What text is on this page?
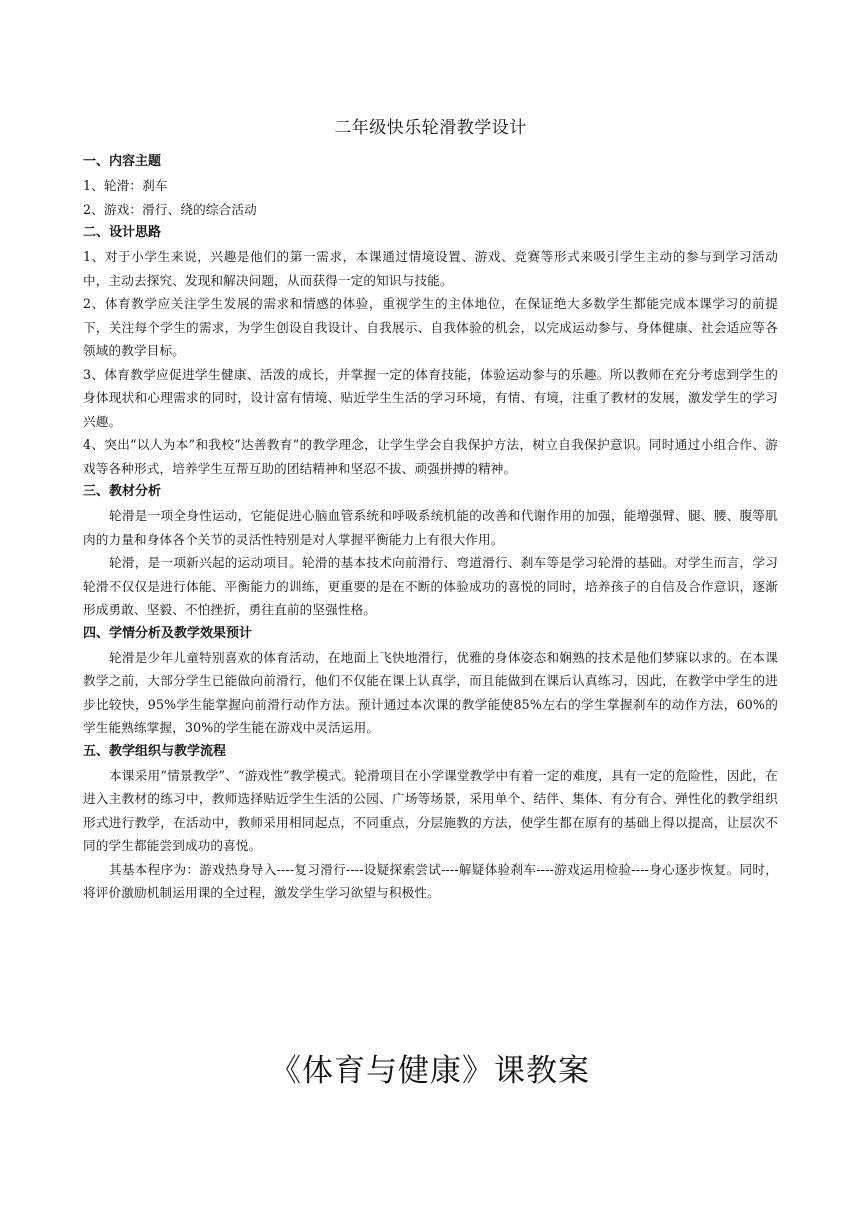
二年级快乐轮滑教学设计
一、内容主题

1、轮滑：刹车

2、游戏：滑行、绕的综合活动

二、设计思路

1、对于小学生来说，兴趣是他们的第一需求，本课通过情境设置、游戏、竞赛等形式来吸引学生主动的参与到学习活动中，主动去探究、发现和解决问题，从而获得一定的知识与技能。

2、体育教学应关注学生发展的需求和情感的体验，重视学生的主体地位，在保证绝大多数学生都能完成本课学习的前提下，关注每个学生的需求，为学生创设自我设计、自我展示、自我体验的机会，以完成运动参与、身体健康、社会适应等各领域的教学目标。

3、体育教学应促进学生健康、活泼的成长，并掌握一定的体育技能，体验运动参与的乐趣。所以教师在充分考虑到学生的身体现状和心理需求的同时，设计富有情境、贴近学生生活的学习环境，有情、有境，注重了教材的发展，激发学生的学习兴趣。

4、突出“以人为本”和我校“达善教育”的教学理念，让学生学会自我保护方法，树立自我保护意识。同时通过小组合作、游戏等各种形式，培养学生互帮互助的团结精神和坚忍不拔、顽强拼搏的精神。

三、教材分析

轮滑是一项全身性运动，它能促进心脑血管系统和呼吸系统机能的改善和代谢作用的加强，能增强臂、腿、腰、腹等肌肉的力量和身体各个关节的灵活性特别是对人掌握平衡能力上有很大作用。

轮滑，是一项新兴起的运动项目。轮滑的基本技术向前滑行、弯道滑行、刹车等是学习轮滑的基础。对学生而言，学习轮滑不仅仅是进行体能、平衡能力的训练，更重要的是在不断的体验成功的喜悦的同时，培养孩子的自信及合作意识，逐渐形成勇敢、坚毅、不怕挫折，勇往直前的坚强性格。

四、学情分析及教学效果预计

轮滑是少年儿童特别喜欢的体育活动，在地面上飞快地滑行，优雅的身体姿态和娴熟的技术是他们梦寐以求的。在本课教学之前，大部分学生已能做向前滑行，他们不仅能在课上认真学，而且能做到在课后认真练习，因此，在教学中学生的进步比较快，95%学生能掌握向前滑行动作方法。预计通过本次课的教学能使85%左右的学生掌握刹车的动作方法，60%的学生能熟练掌握，30%的学生能在游戏中灵活运用。

五、教学组织与教学流程

本课采用“情景教学”、“游戏性”教学模式。轮滑项目在小学课堂教学中有着一定的难度，具有一定的危险性，因此，在进入主教材的练习中，教师选择贴近学生生活的公园、广场等场景，采用单个、结伴、集体、有分有合、弹性化的教学组织形式进行教学，在活动中，教师采用相同起点，不同重点，分层施教的方法，使学生都在原有的基础上得以提高，让层次不同的学生都能尝到成功的喜悦。

其基本程序为：游戏热身导入----复习滑行----设疑探索尝试----解疑体验刹车----游戏运用检验----身心逐步恢复。同时，将评价激励机制运用课的全过程，激发学生学习欲望与积极性。

《体育与健康》课教案
